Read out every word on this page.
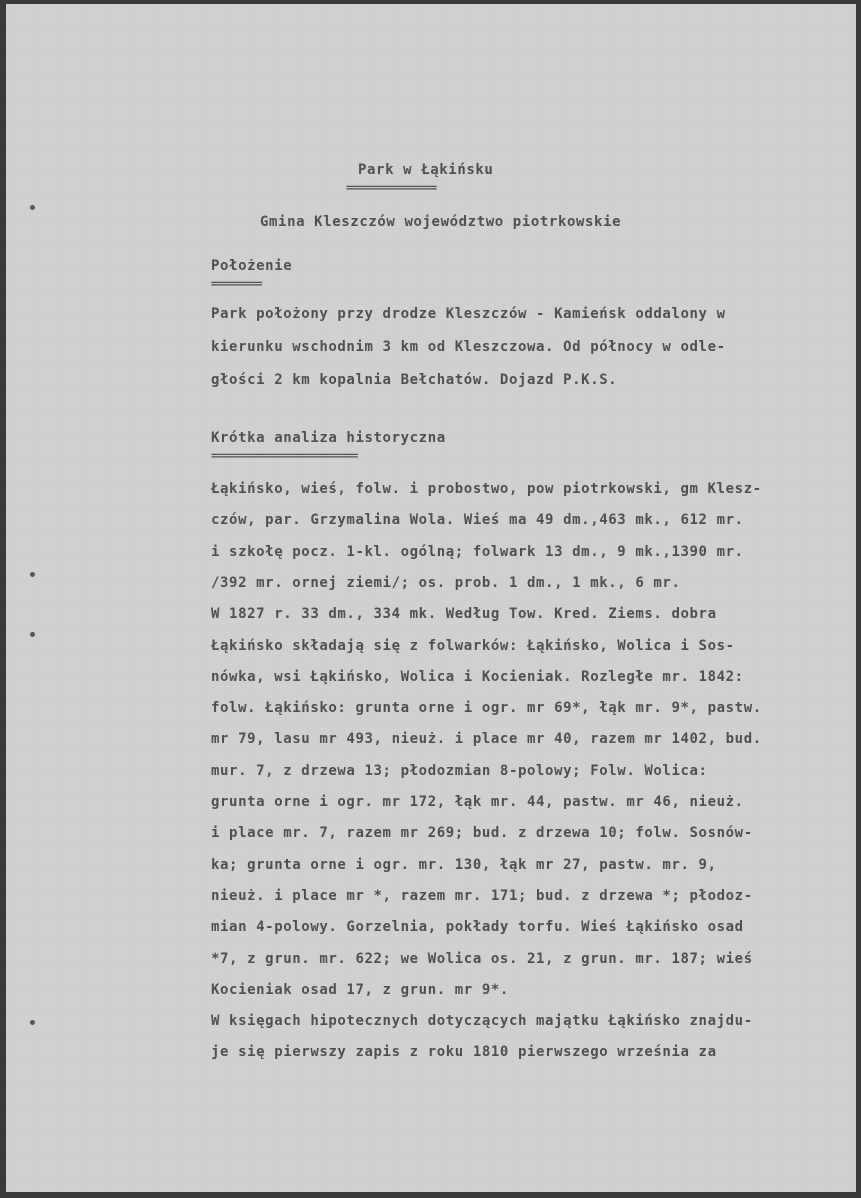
Park w Łąkińsku
================
Gmina Kleszczów województwo piotrkowskie
Położenie
=========
Park położony przy drodze Kleszczów - Kamieńsk oddalony w
kierunku wschodnim 3 km od Kleszczowa. Od północy w odle-
głości 2 km kopalnia Bełchatów. Dojazd P.K.S.
Krótka analiza historyczna
==========================
Łąkińsko, wieś, folw. i probostwo, pow piotrkowski, gm Klesz-
czów, par. Grzymalina Wola. Wieś ma 49 dm.,463 mk., 612 mr.
i szkołę pocz. 1-kl. ogólną; folwark 13 dm., 9 mk.,1390 mr.
/392 mr. ornej ziemi/; os. prob. 1 dm., 1 mk., 6 mr.
W 1827 r. 33 dm., 334 mk. Według Tow. Kred. Ziems. dobra
Łąkińsko składają się z folwarków: Łąkińsko, Wolica i Sos-
nówka, wsi Łąkińsko, Wolica i Kocieniak. Rozległe mr. 1842:
folw. Łąkińsko: grunta orne i ogr. mr 69*, łąk mr. 9*, pastw.
mr 79, lasu mr 493, nieuż. i place mr 40, razem mr 1402, bud.
mur. 7, z drzewa 13; płodozmian 8-polowy; Folw. Wolica:
grunta orne i ogr. mr 172, łąk mr. 44, pastw. mr 46, nieuż.
i place mr. 7, razem mr 269; bud. z drzewa 10; folw. Sosnów-
ka; grunta orne i ogr. mr. 130, łąk mr 27, pastw. mr. 9,
nieuż. i place mr *, razem mr. 171; bud. z drzewa *; płodoz-
mian 4-polowy. Gorzelnia, pokłady torfu. Wieś Łąkińsko osad
*7, z grun. mr. 622; we Wolica os. 21, z grun. mr. 187; wieś
Kocieniak osad 17, z grun. mr 9*.
W księgach hipotecznych dotyczących majątku Łąkińsko znajdu-
je się pierwszy zapis z roku 1810 pierwszego września za
